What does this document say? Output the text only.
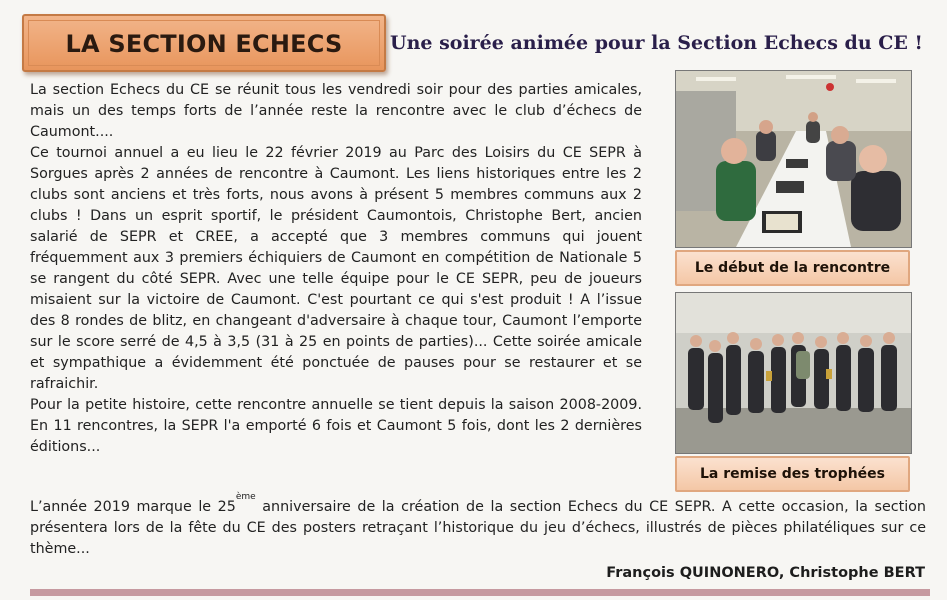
LA SECTION ECHECS	Une soirée animée pour la Section Echecs du CE !

La section Echecs du CE se réunit tous les vendredi soir pour des parties amicales, mais un des temps forts de l’année reste la rencontre avec le club d’échecs de Caumont....

Ce tournoi annuel a eu lieu le 22 février 2019 au Parc des Loisirs du CE SEPR à Sorgues après 2 années de rencontre à Caumont. Les liens historiques entre les 2 clubs sont anciens et très forts, nous avons à présent 5 membres communs aux 2 clubs ! Dans un esprit sportif, le président Caumontois, Christophe Bert, ancien salarié de SEPR et CREE, a accepté que 3 membres communs qui jouent fréquemment aux 3 premiers échiquiers de Caumont en compétition de Nationale 5 se rangent du côté SEPR. Avec une telle équipe pour le CE SEPR, peu de joueurs misaient sur la victoire de Caumont. C'est pourtant ce qui s'est produit ! A l’issue des 8 rondes de blitz, en changeant d'adversaire à chaque tour, Caumont l’emporte sur le score serré de 4,5 à 3,5 (31 à 25 en points de parties)... Cette soirée amicale et sympathique a évidemment été ponctuée de pauses pour se restaurer et se rafraichir.

Pour la petite histoire, cette rencontre annuelle se tient depuis la saison 2008-2009. En 11 rencontres, la SEPR l'a emporté 6 fois et Caumont 5 fois, dont les 2 dernières éditions...

L’année 2019 marque le 25ème anniversaire de la création de la section Echecs du CE SEPR. A cette occasion, la section présentera lors de la fête du CE des posters retraçant l’historique du jeu d’échecs, illustrés de pièces philatéliques sur ce thème...
Le début de la rencontre
La remise des trophées
François QUINONERO, Christophe BERT
